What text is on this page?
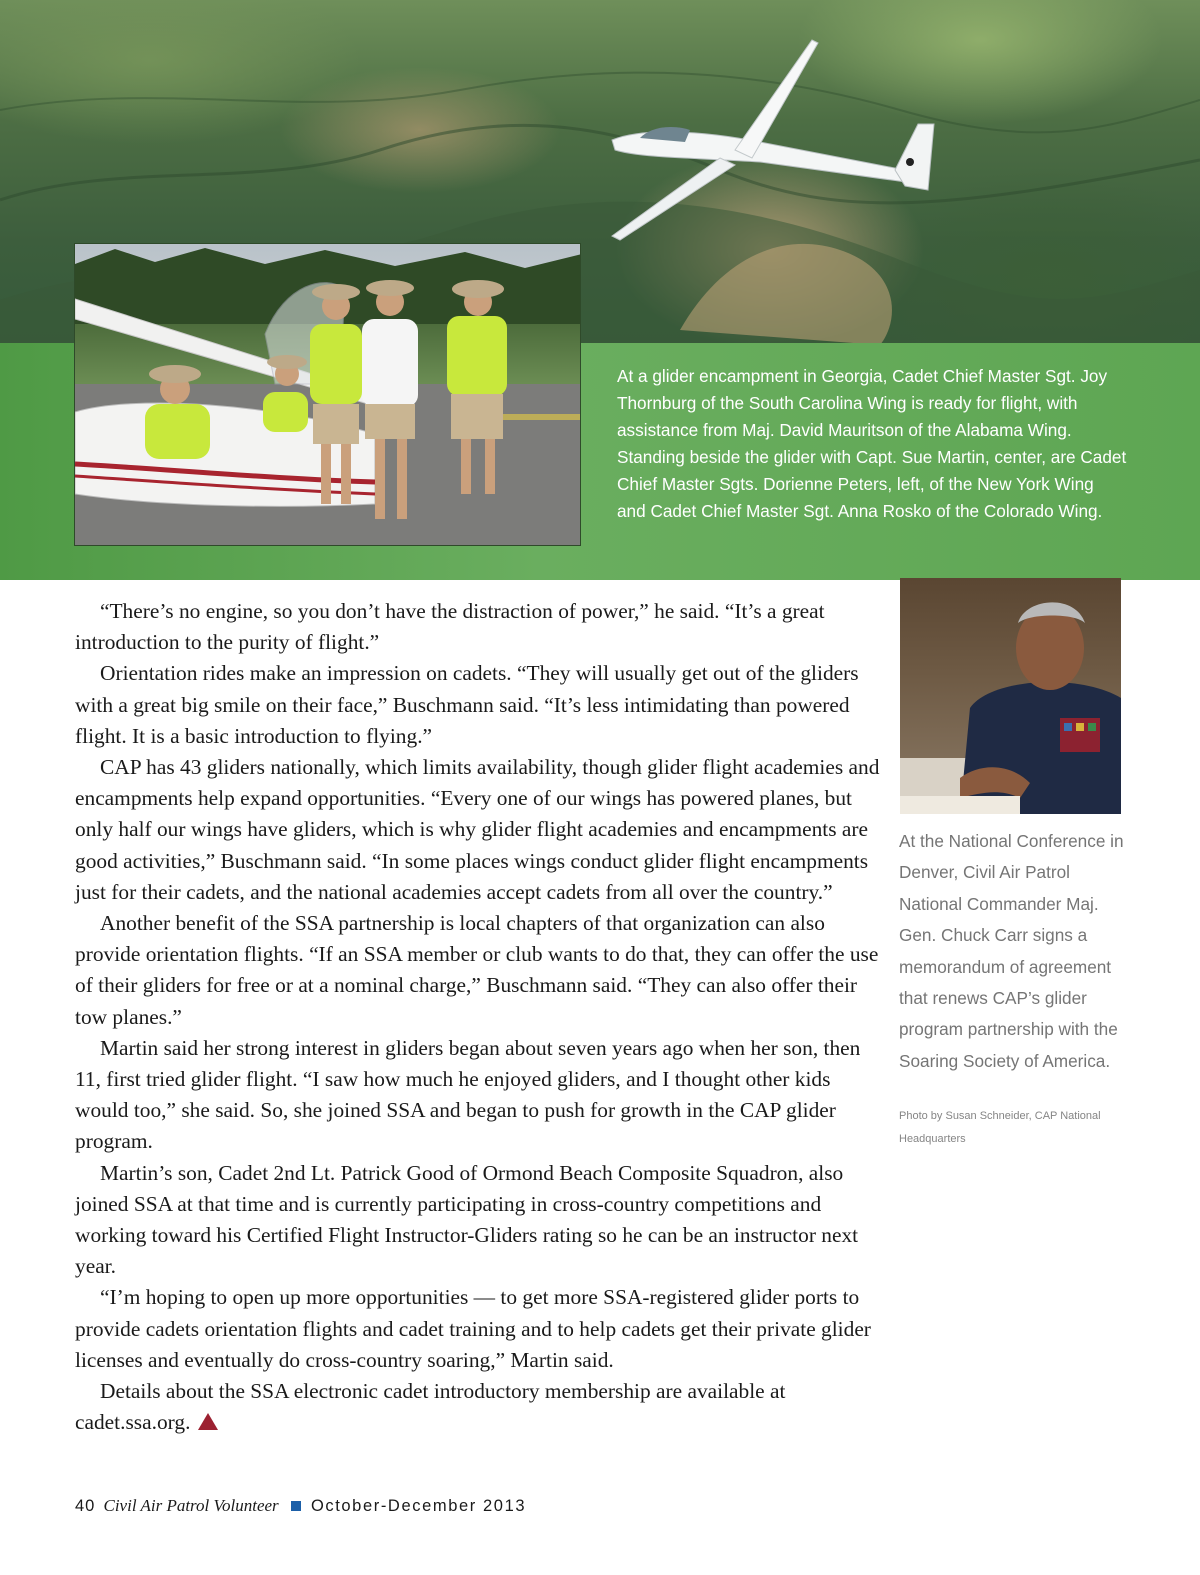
At a glider encampment in Georgia, Cadet Chief Master Sgt. Joy Thornburg of the South Carolina Wing is ready for flight, with assistance from Maj. David Mauritson of the Alabama Wing. Standing beside the glider with Capt. Sue Martin, center, are Cadet Chief Master Sgts. Dorienne Peters, left, of the New York Wing and Cadet Chief Master Sgt. Anna Rosko of the Colorado Wing.

At the National Conference in Denver, Civil Air Patrol National Commander Maj. Gen. Chuck Carr signs a memorandum of agreement that renews CAP’s glider program partnership with the Soaring Society of America.

Photo by Susan Schneider, CAP National Headquarters

“There’s no engine, so you don’t have the distraction of power,” he said. “It’s a great introduction to the purity of flight.”

Orientation rides make an impression on cadets. “They will usually get out of the gliders with a great big smile on their face,” Buschmann said. “It’s less intimidating than powered flight. It is a basic introduction to flying.”

CAP has 43 gliders nationally, which limits availability, though glider flight academies and encampments help expand opportunities. “Every one of our wings has powered planes, but only half our wings have gliders, which is why glider flight academies and encampments are good activities,” Buschmann said. “In some places wings conduct glider flight encampments just for their cadets, and the national academies accept cadets from all over the country.”

Another benefit of the SSA partnership is local chapters of that organization can also provide orientation flights. “If an SSA member or club wants to do that, they can offer the use of their gliders for free or at a nominal charge,” Buschmann said. “They can also offer their tow planes.”

Martin said her strong interest in gliders began about seven years ago when her son, then 11, first tried glider flight. “I saw how much he enjoyed gliders, and I thought other kids would too,” she said. So, she joined SSA and began to push for growth in the CAP glider program.

Martin’s son, Cadet 2nd Lt. Patrick Good of Ormond Beach Composite Squadron, also joined SSA at that time and is currently participating in cross-country competitions and working toward his Certified Flight Instructor-Gliders rating so he can be an instructor next year.

“I’m hoping to open up more opportunities — to get more SSA-registered glider ports to provide cadets orientation flights and cadet training and to help cadets get their private glider licenses and eventually do cross-country soaring,” Martin said.

Details about the SSA electronic cadet introductory membership are available at cadet.ssa.org.

40 Civil Air Patrol Volunteer October-December 2013
